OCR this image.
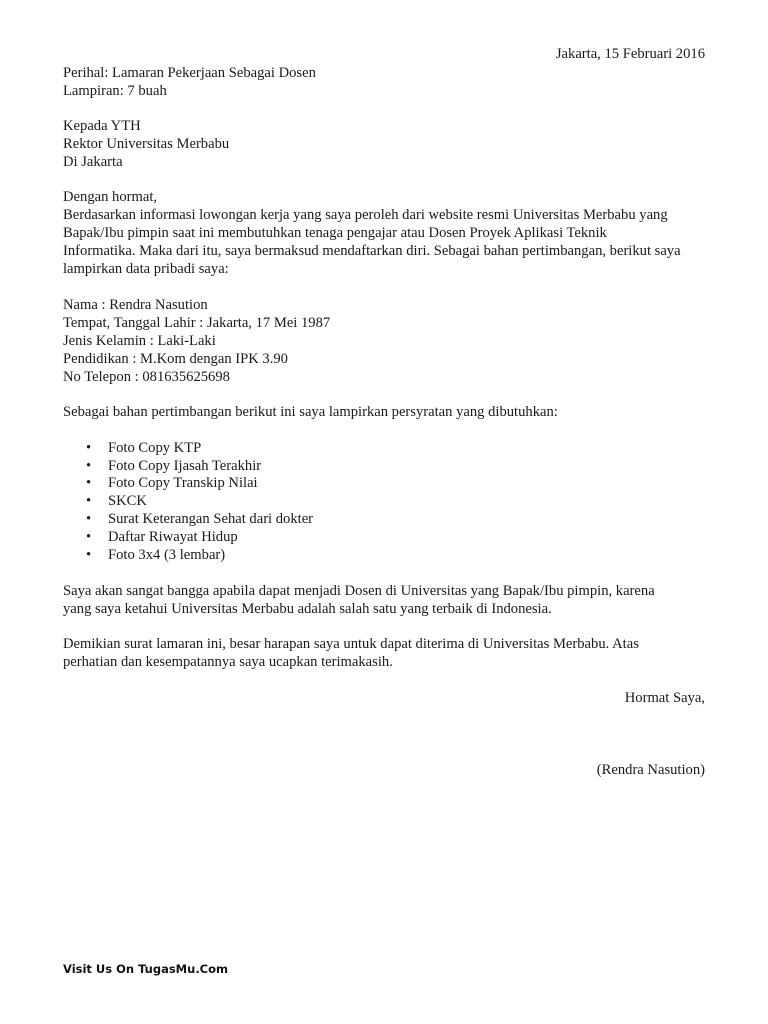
Jakarta, 15 Februari 2016
Perihal: Lamaran Pekerjaan Sebagai Dosen
Lampiran: 7 buah
Kepada YTH
Rektor Universitas Merbabu
Di Jakarta
Dengan hormat,
Berdasarkan informasi lowongan kerja yang saya peroleh dari website resmi Universitas Merbabu yang
Bapak/Ibu pimpin saat ini membutuhkan tenaga pengajar atau Dosen Proyek Aplikasi Teknik
Informatika. Maka dari itu, saya bermaksud mendaftarkan diri. Sebagai bahan pertimbangan, berikut saya
lampirkan data pribadi saya:
Nama : Rendra Nasution
Tempat, Tanggal Lahir : Jakarta, 17 Mei 1987
Jenis Kelamin : Laki-Laki
Pendidikan : M.Kom dengan IPK 3.90
No Telepon : 081635625698
Sebagai bahan pertimbangan berikut ini saya lampirkan persyratan yang dibutuhkan:
• Foto Copy KTP
• Foto Copy Ijasah Terakhir
• Foto Copy Transkip Nilai
• SKCK
• Surat Keterangan Sehat dari dokter
• Daftar Riwayat Hidup
• Foto 3x4 (3 lembar)
Saya akan sangat bangga apabila dapat menjadi Dosen di Universitas yang Bapak/Ibu pimpin, karena
yang saya ketahui Universitas Merbabu adalah salah satu yang terbaik di Indonesia.
Demikian surat lamaran ini, besar harapan saya untuk dapat diterima di Universitas Merbabu. Atas
perhatian dan kesempatannya saya ucapkan terimakasih.
Hormat Saya,
(Rendra Nasution)
Visit Us On TugasMu.Com
